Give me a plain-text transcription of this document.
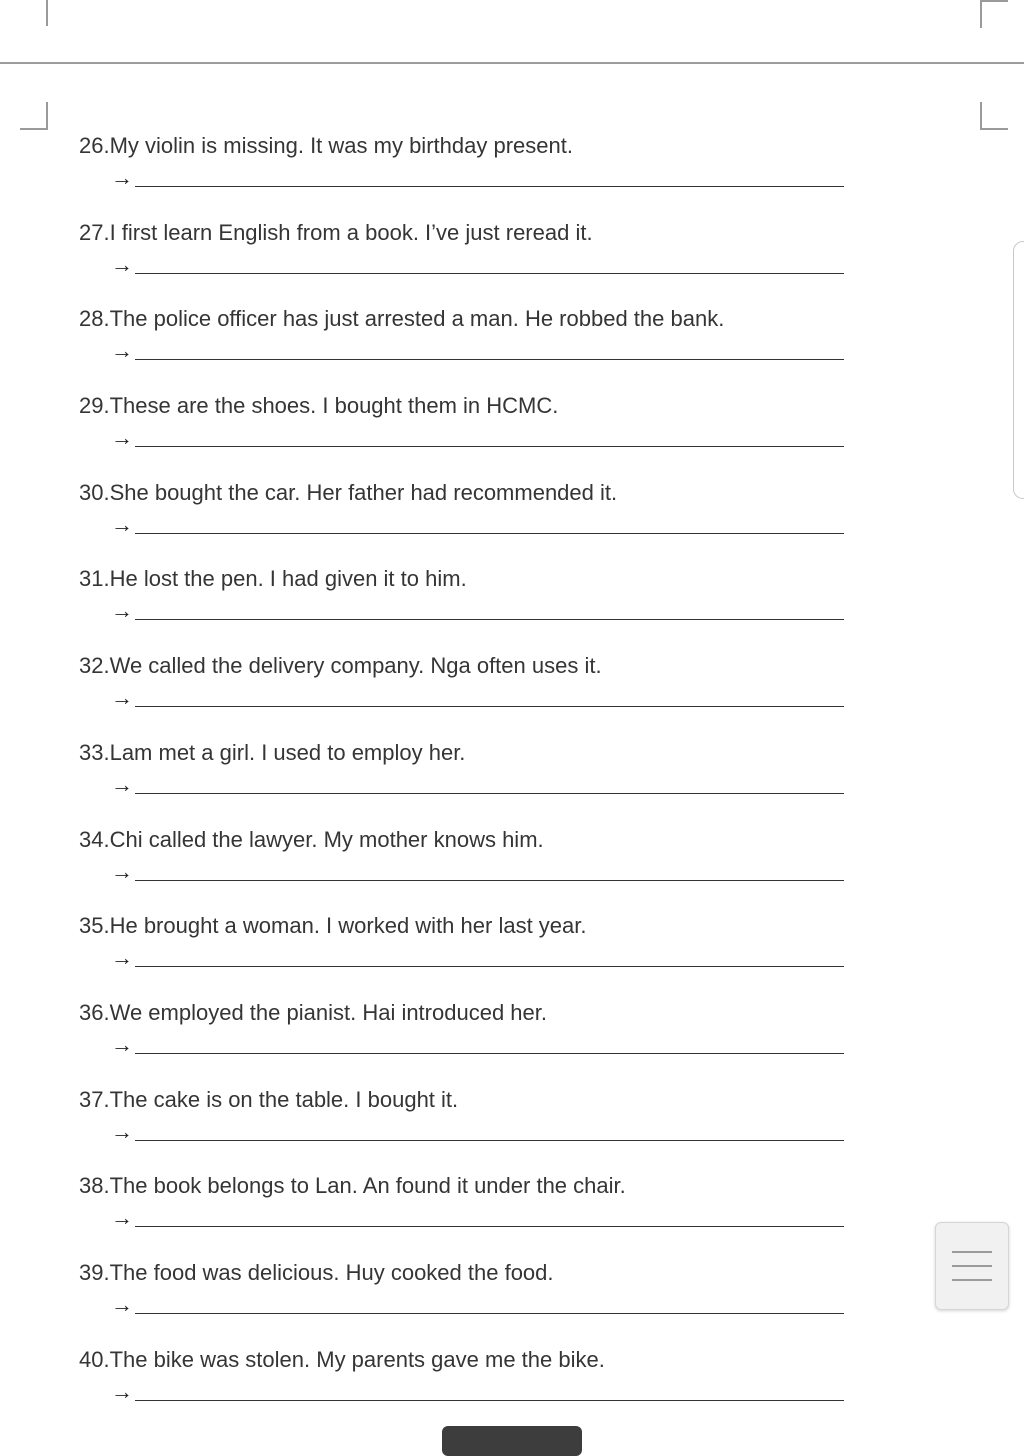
26.My violin is missing. It was my birthday present.
→
27.I first learn English from a book. I’ve just reread it.
→
28.The police officer has just arrested a man. He robbed the bank.
→
29.These are the shoes. I bought them in HCMC.
→
30.She bought the car. Her father had recommended it.
→
31.He lost the pen. I had given it to him.
→
32.We called the delivery company. Nga often uses it.
→
33.Lam met a girl. I used to employ her.
→
34.Chi called the lawyer. My mother knows him.
→
35.He brought a woman. I worked with her last year.
→
36.We employed the pianist. Hai introduced her.
→
37.The cake is on the table. I bought it.
→
38.The book belongs to Lan. An found it under the chair.
→
39.The food was delicious. Huy cooked the food.
→
40.The bike was stolen. My parents gave me the bike.
→
